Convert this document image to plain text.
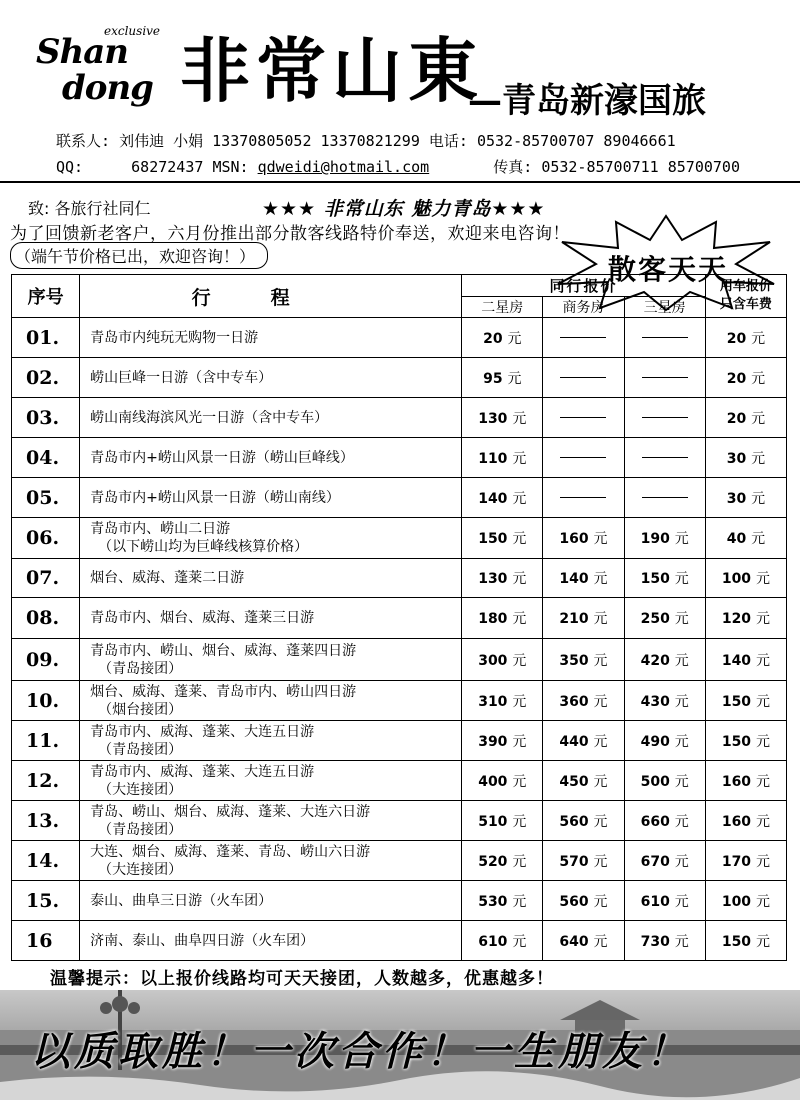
exclusive
Shan
dong 非常山東
—青岛新濠国旅
联系人: 刘伟迪 小娟 13370805052 13370821299 电话: 0532-85700707 89046661
QQ:	68272437 MSN: qdweidi@hotmail.com	传真: 0532-85700711 85700700
致: 各旅行社同仁	★★★ 非常山东 魅力青岛★★★
为了回馈新老客户，六月份推出部分散客线路特价奉送，欢迎来电咨询！
（端午节价格已出，欢迎咨询！）	散客天天
序号	行程	同行报价			用车报价
只含车费

		二星房	商务房	三星房	
01.	青岛市内纯玩无购物一日游	20 元			20 元
02.	崂山巨峰一日游（含中专车）	95 元			20 元
03.	崂山南线海滨风光一日游（含中专车）	130 元			20 元
04.	青岛市内+崂山风景一日游（崂山巨峰线）	110 元			30 元
05.	青岛市内+崂山风景一日游（崂山南线）	140 元			30 元
06.	青岛市内、崂山二日游
（以下崂山均为巨峰线核算价格）	150 元	160 元	190 元	40 元
07.	烟台、威海、蓬莱二日游	130 元	140 元	150 元	100 元
08.	青岛市内、烟台、威海、蓬莱三日游	180 元	210 元	250 元	120 元
09.	青岛市内、崂山、烟台、威海、蓬莱四日游
（青岛接团）	300 元	350 元	420 元	140 元
10.	烟台、威海、蓬莱、青岛市内、崂山四日游
（烟台接团）	310 元	360 元	430 元	150 元
11.	青岛市内、威海、蓬莱、大连五日游
（青岛接团）	390 元	440 元	490 元	150 元
12.	青岛市内、威海、蓬莱、大连五日游
（大连接团）	400 元	450 元	500 元	160 元
13.	青岛、崂山、烟台、威海、蓬莱、大连六日游
（青岛接团）	510 元	560 元	660 元	160 元
14.	大连、烟台、威海、蓬莱、青岛、崂山六日游
（大连接团）	520 元	570 元	670 元	170 元
15.	泰山、曲阜三日游（火车团）	530 元	560 元	610 元	100 元
16	济南、泰山、曲阜四日游（火车团）	610 元	640 元	730 元	150 元
温馨提示：以上报价线路均可天天接团，人数越多，优惠越多！
以质取胜！一次合作！一生朋友！
